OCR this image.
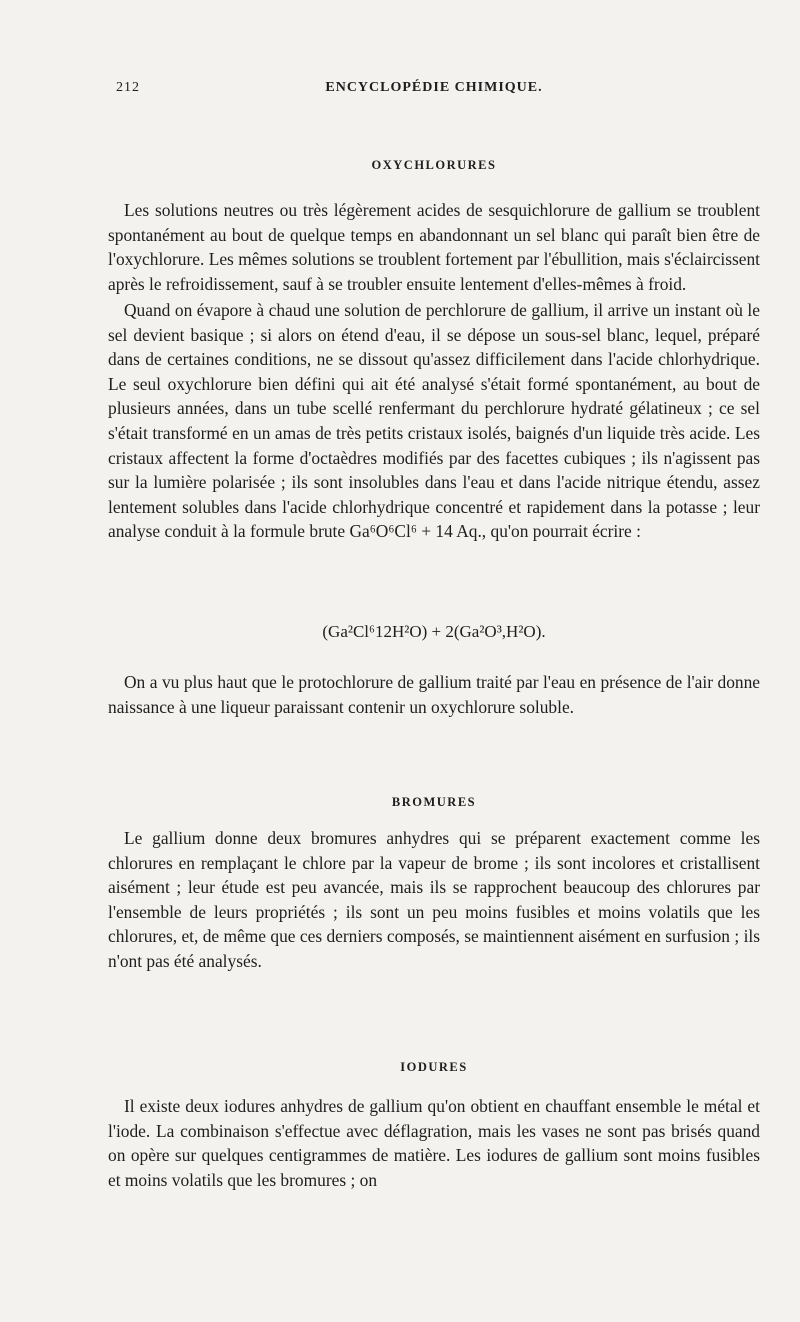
212	ENCYCLOPÉDIE CHIMIQUE.
OXYCHLORURES

Les solutions neutres ou très légèrement acides de sesquichlorure de gallium se troublent spontanément au bout de quelque temps en abandonnant un sel blanc qui paraît bien être de l'oxychlorure. Les mêmes solutions se troublent fortement par l'ébullition, mais s'éclaircissent après le refroidissement, sauf à se troubler ensuite lentement d'elles-mêmes à froid.

Quand on évapore à chaud une solution de perchlorure de gallium, il arrive un instant où le sel devient basique ; si alors on étend d'eau, il se dépose un sous-sel blanc, lequel, préparé dans de certaines conditions, ne se dissout qu'assez difficilement dans l'acide chlorhydrique. Le seul oxychlorure bien défini qui ait été analysé s'était formé spontanément, au bout de plusieurs années, dans un tube scellé renfermant du perchlorure hydraté gélatineux ; ce sel s'était transformé en un amas de très petits cristaux isolés, baignés d'un liquide très acide. Les cristaux affectent la forme d'octaèdres modifiés par des facettes cubiques ; ils n'agissent pas sur la lumière polarisée ; ils sont insolubles dans l'eau et dans l'acide nitrique étendu, assez lentement solubles dans l'acide chlorhydrique concentré et rapidement dans la potasse ; leur analyse conduit à la formule brute Ga⁶O⁶Cl⁶ + 14 Aq., qu'on pourrait écrire :

(Ga²Cl⁶12H²O) + 2(Ga²O³,H²O).

On a vu plus haut que le protochlorure de gallium traité par l'eau en présence de l'air donne naissance à une liqueur paraissant contenir un oxychlorure soluble.

BROMURES

Le gallium donne deux bromures anhydres qui se préparent exactement comme les chlorures en remplaçant le chlore par la vapeur de brome ; ils sont incolores et cristallisent aisément ; leur étude est peu avancée, mais ils se rapprochent beaucoup des chlorures par l'ensemble de leurs propriétés ; ils sont un peu moins fusibles et moins volatils que les chlorures, et, de même que ces derniers composés, se maintiennent aisément en surfusion ; ils n'ont pas été analysés.

IODURES

Il existe deux iodures anhydres de gallium qu'on obtient en chauffant ensemble le métal et l'iode. La combinaison s'effectue avec déflagration, mais les vases ne sont pas brisés quand on opère sur quelques centigrammes de matière. Les iodures de gallium sont moins fusibles et moins volatils que les bromures ; on
